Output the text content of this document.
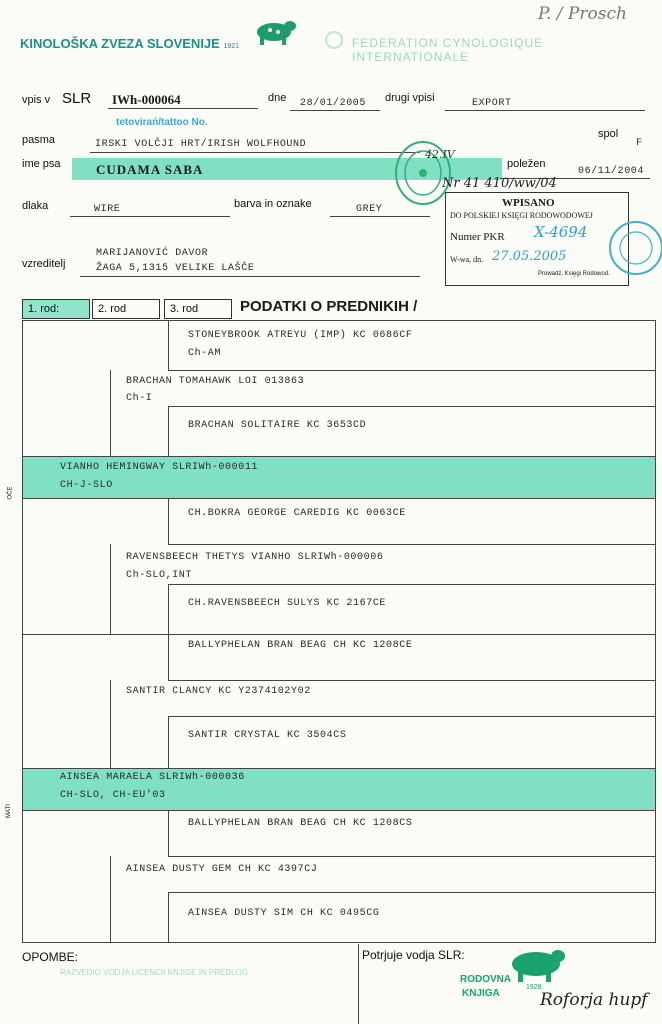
KINOLOŠKA ZVEZA SLOVENIJE 1921	FEDERATION CYNOLOGIQUE INTERNATIONALE
P. / Prosch
vpis v SLR IWh-000064	dne 28/01/2005 drugi vpisi	EXPORT
tetovirań/tattoo No.
spol
F
pasma	IRSKI VOLČJI HRT/IRISH WOLFHOUND
ime psa	CUDAMA SABA	poležen
06/11/2004
dlaka	WIRE	barva in oznake	GREY
vzreditelj
MARIJANOVIĆ DAVOR
ŽAGA 5,1315 VELIKE LAŠČE
42.IV
Nr 41 410/ww/04
WPISANO
DO POLSKIEJ KSIĘGI RODOWODOWEJ
Numer PKR X-4694
W-wa, dn. 27.05.2005
Prowadz. Księgi Rodowod.
1. rod:	2. rod	3. rod	PODATKI O PREDNIKIH /
OČE
MATI
STONEYBROOK ATREYU (IMP) KC 0686CF
Ch-AM
BRACHAN TOMAHAWK LOI 013863
Ch-I
BRACHAN SOLITAIRE KC 3653CD
VIANHO HEMINGWAY SLRIWh-000011
CH-J-SLO
CH.BOKRA GEORGE CAREDIG KC 0063CE
RAVENSBEECH THETYS VIANHO SLRIWh-000006
Ch-SLO,INT
CH.RAVENSBEECH SULYS KC 2167CE
BALLYPHELAN BRAN BEAG CH KC 1208CE
SANTIR CLANCY KC Y2374102Y02
SANTIR CRYSTAL KC 3504CS
AINSEA MARAELA SLRIWh-000036
CH-SLO, CH-EU'03
BALLYPHELAN BRAN BEAG CH KC 1208CS
AINSEA DUSTY GEM CH KC 4397CJ
AINSEA DUSTY SIM CH KC 0495CG
OPOMBE:
RAZVEDIO VODJA LICENCII KNJIGE IN PREDLOG
Potrjuje vodja SLR:
RODOVNA
KNJIGA
1928
Roforja hupf
